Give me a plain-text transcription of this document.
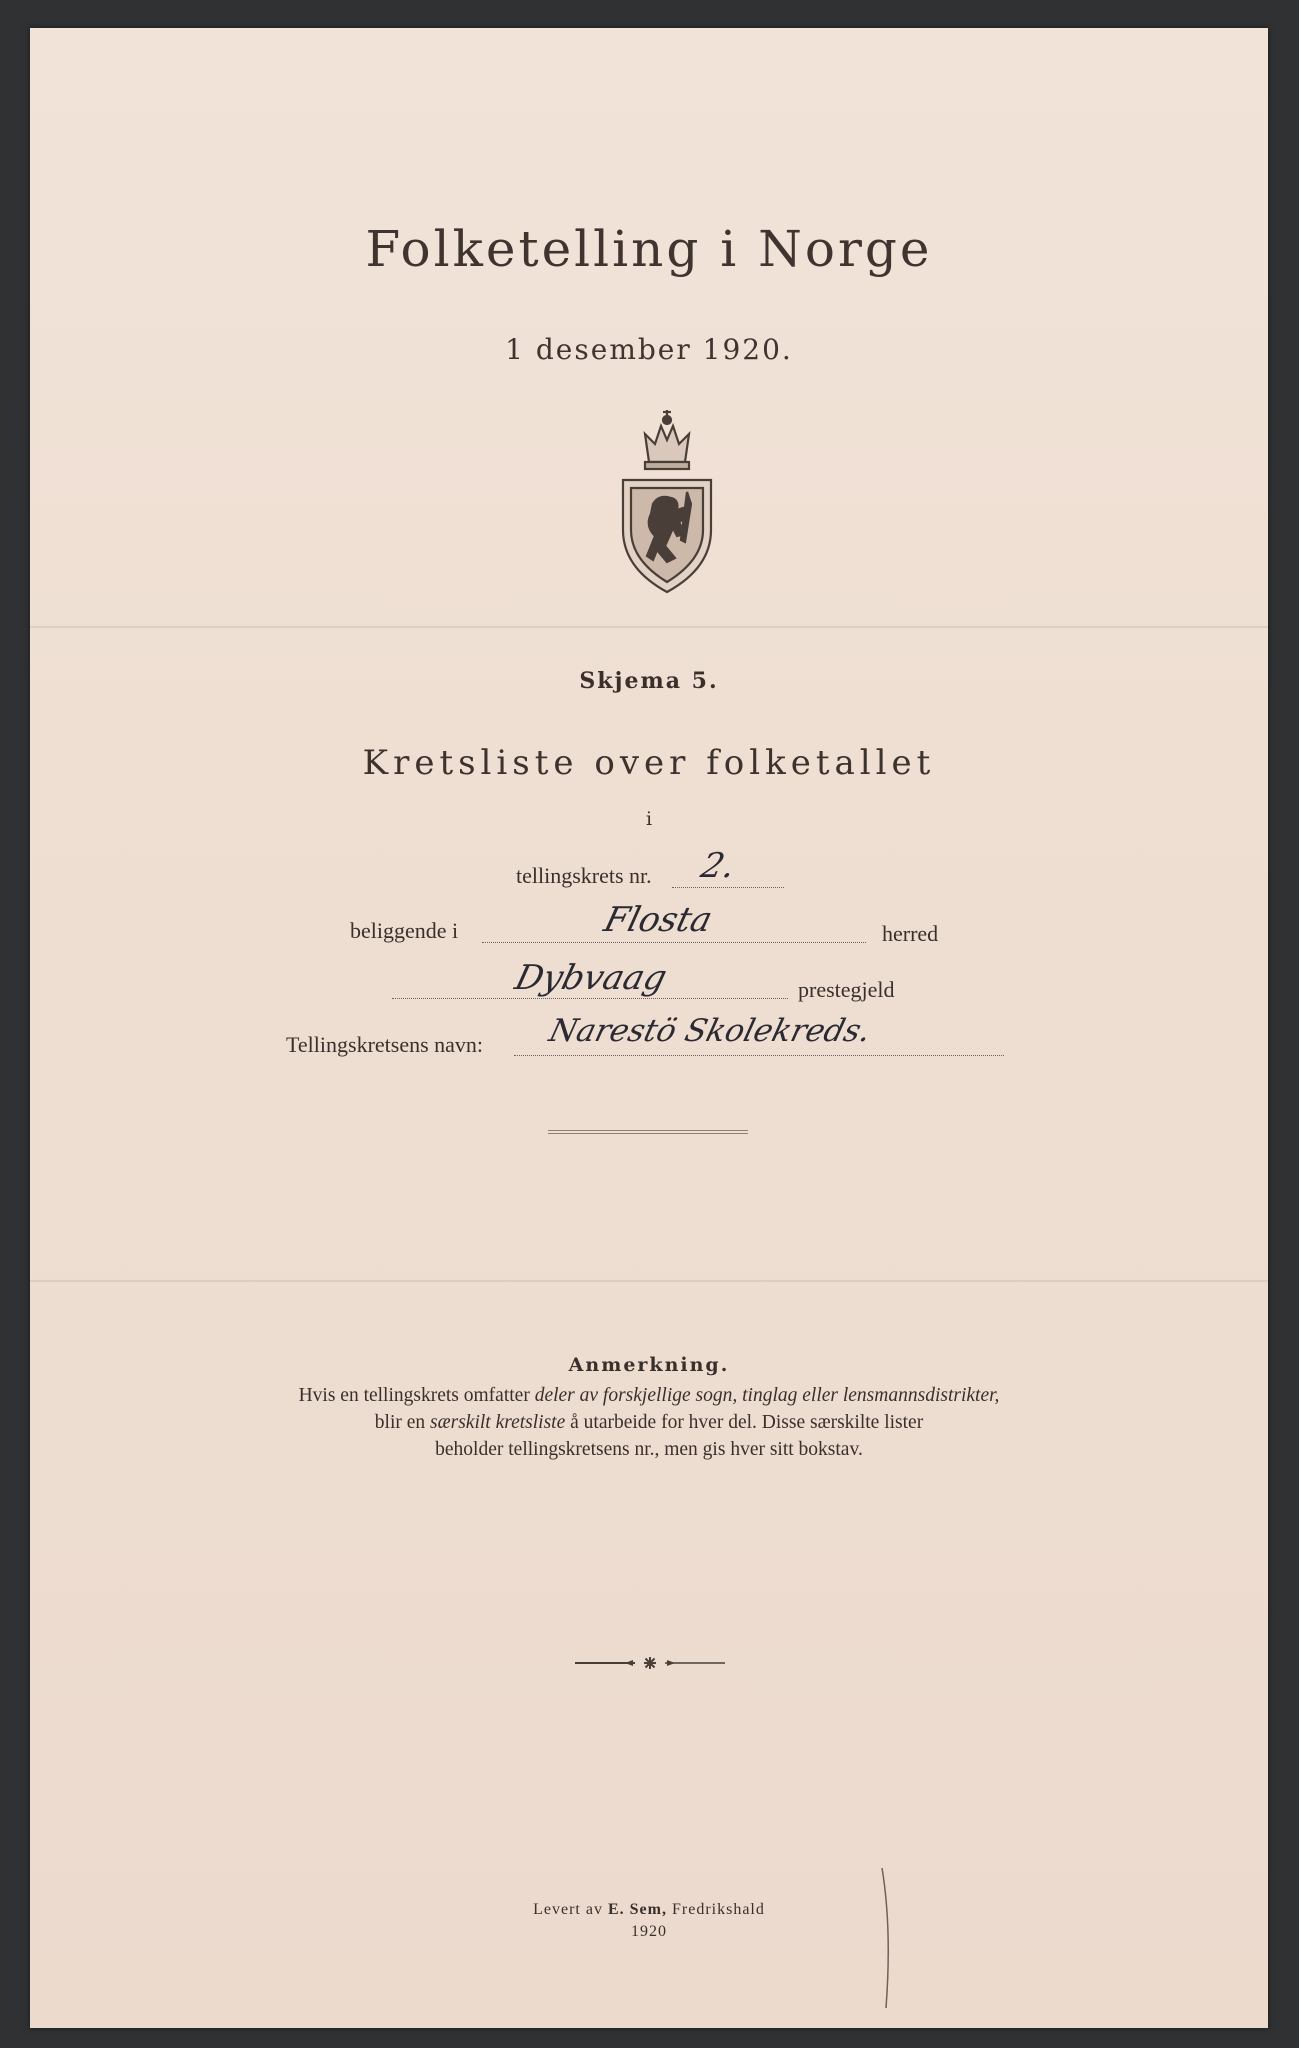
Folketelling i Norge
1 desember 1920.
Skjema 5.
Kretsliste over folketallet
i
tellingskrets nr. 2.
beliggende i	Flosta	herred
Dybvaag	prestegjeld
Tellingskretsens navn: Narestö Skolekreds.
Anmerkning.
Hvis en tellingskrets omfatter deler av forskjellige sogn, tinglag eller lensmannsdistrikter,
blir en særskilt kretsliste å utarbeide for hver del. Disse særskilte lister
beholder tellingskretsens nr., men gis hver sitt bokstav.
Levert av E. Sem, Fredrikshald
1920
